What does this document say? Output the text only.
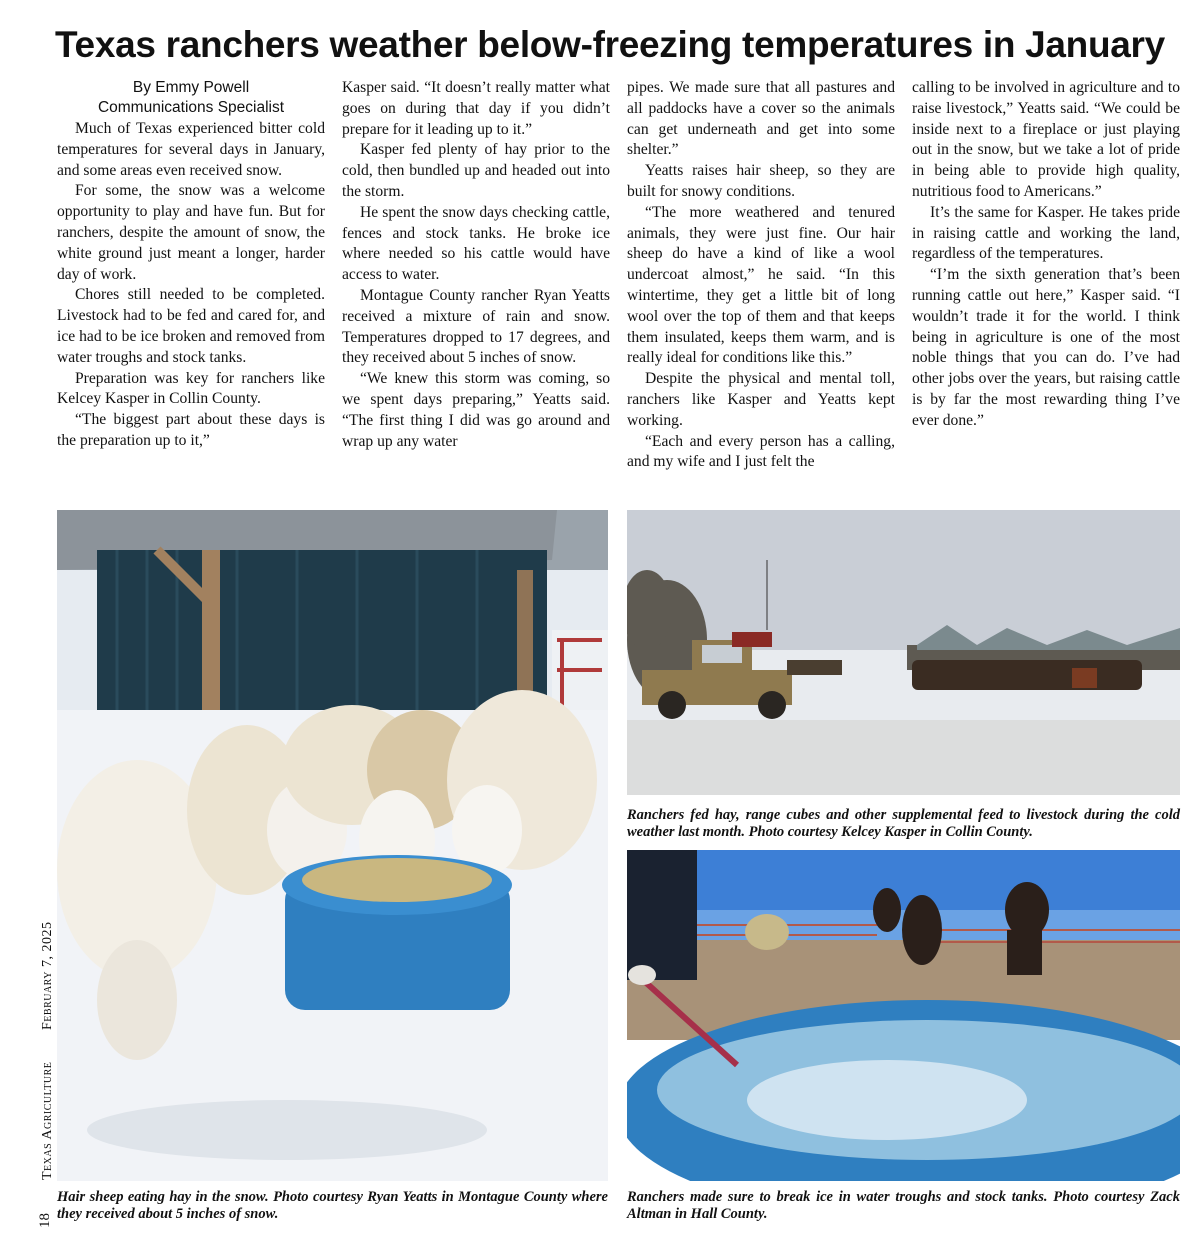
Texas ranchers weather below-freezing temperatures in January
By Emmy Powell
Communications Specialist

Much of Texas experienced bitter cold temperatures for several days in January, and some areas even received snow.

For some, the snow was a welcome opportunity to play and have fun. But for ranchers, despite the amount of snow, the white ground just meant a longer, harder day of work.

Chores still needed to be completed. Livestock had to be fed and cared for, and ice had to be ice broken and removed from water troughs and stock tanks.

Preparation was key for ranchers like Kelcey Kasper in Collin County.

“The biggest part about these days is the preparation up to it,”

Kasper said. “It doesn’t really matter what goes on during that day if you didn’t prepare for it leading up to it.”

Kasper fed plenty of hay prior to the cold, then bundled up and headed out into the storm.

He spent the snow days checking cattle, fences and stock tanks. He broke ice where needed so his cattle would have access to water.

Montague County rancher Ryan Yeatts received a mixture of rain and snow. Temperatures dropped to 17 degrees, and they received about 5 inches of snow.

“We knew this storm was coming, so we spent days preparing,” Yeatts said. “The first thing I did was go around and wrap up any water

pipes. We made sure that all pastures and all paddocks have a cover so the animals can get underneath and get into some shelter.”

Yeatts raises hair sheep, so they are built for snowy conditions.

“The more weathered and tenured animals, they were just fine. Our hair sheep do have a kind of like a wool undercoat almost,” he said. “In this wintertime, they get a little bit of long wool over the top of them and that keeps them insulated, keeps them warm, and is really ideal for conditions like this.”

Despite the physical and mental toll, ranchers like Kasper and Yeatts kept working.

“Each and every person has a calling, and my wife and I just felt the

calling to be involved in agriculture and to raise livestock,” Yeatts said. “We could be inside next to a fireplace or just playing out in the snow, but we take a lot of pride in being able to provide high quality, nutritious food to Americans.”

It’s the same for Kasper. He takes pride in raising cattle and working the land, regardless of the temperatures.

“I’m the sixth generation that’s been running cattle out here,” Kasper said. “I wouldn’t trade it for the world. I think being in agriculture is one of the most noble things that you can do. I’ve had other jobs over the years, but raising cattle is by far the most rewarding thing I’ve ever done.”

Hair sheep eating hay in the snow. Photo courtesy Ryan Yeatts in Montague County where they received about 5 inches of snow.

Ranchers fed hay, range cubes and other supplemental feed to livestock during the cold weather last month. Photo courtesy Kelcey Kasper in Collin County.

Ranchers made sure to break ice in water troughs and stock tanks. Photo courtesy Zack Altman in Hall County.

Texas Agriculture
February 7, 2025
18
